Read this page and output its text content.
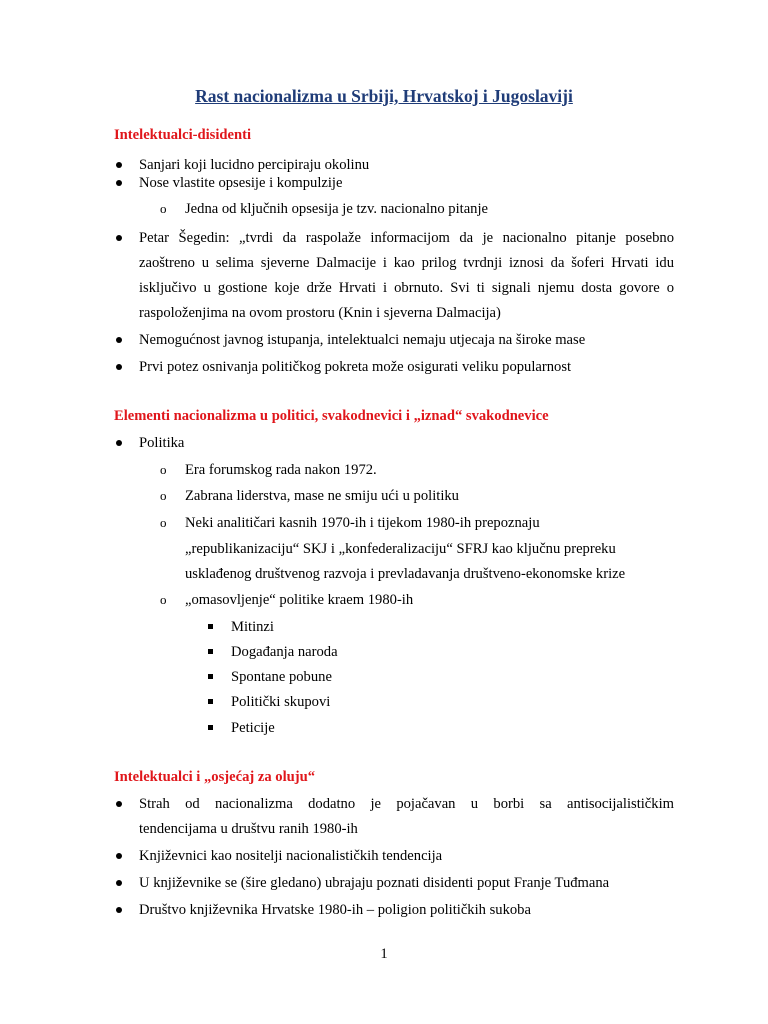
Rast nacionalizma u Srbiji, Hrvatskoj i Jugoslaviji
Intelektualci-disidenti
Sanjari koji lucidno percipiraju okolinu
Nose vlastite opsesije i kompulzije
o Jedna od ključnih opsesija je tzv. nacionalno pitanje
Petar Šegedin: „tvrdi da raspolaže informacijom da je nacionalno pitanje posebno
zaoštreno u selima sjeverne Dalmacije i kao prilog tvrdnji iznosi da šoferi Hrvati idu
isključivo u gostione koje drže Hrvati i obrnuto. Svi ti signali njemu dosta govore o
raspoloženjima na ovom prostoru (Knin i sjeverna Dalmacija)
Nemogućnost javnog istupanja, intelektualci nemaju utjecaja na široke mase
Prvi potez osnivanja političkog pokreta može osigurati veliku popularnost
Elementi nacionalizma u politici, svakodnevici i „iznad“ svakodnevice
Politika
o Era forumskog rada nakon 1972.
o Zabrana liderstva, mase ne smiju ući u politiku
o Neki analitičari kasnih 1970-ih i tijekom 1980-ih prepoznaju
„republikanizaciju“ SKJ i „konfederalizaciju“ SFRJ kao ključnu prepreku
usklađenog društvenog razvoja i prevladavanja društveno-ekonomske krize
o „omasovljenje“ politike kraem 1980-ih
Mitinzi
Događanja naroda
Spontane pobune
Politički skupovi
Peticije
Intelektualci i „osjećaj za oluju“
Strah od nacionalizma dodatno je pojačavan u borbi sa antisocijalističkim
tendencijama u društvu ranih 1980-ih
Književnici kao nositelji nacionalističkih tendencija
U književnike se (šire gledano) ubrajaju poznati disidenti poput Franje Tuđmana
Društvo književnika Hrvatske 1980-ih – poligion političkih sukoba
1
